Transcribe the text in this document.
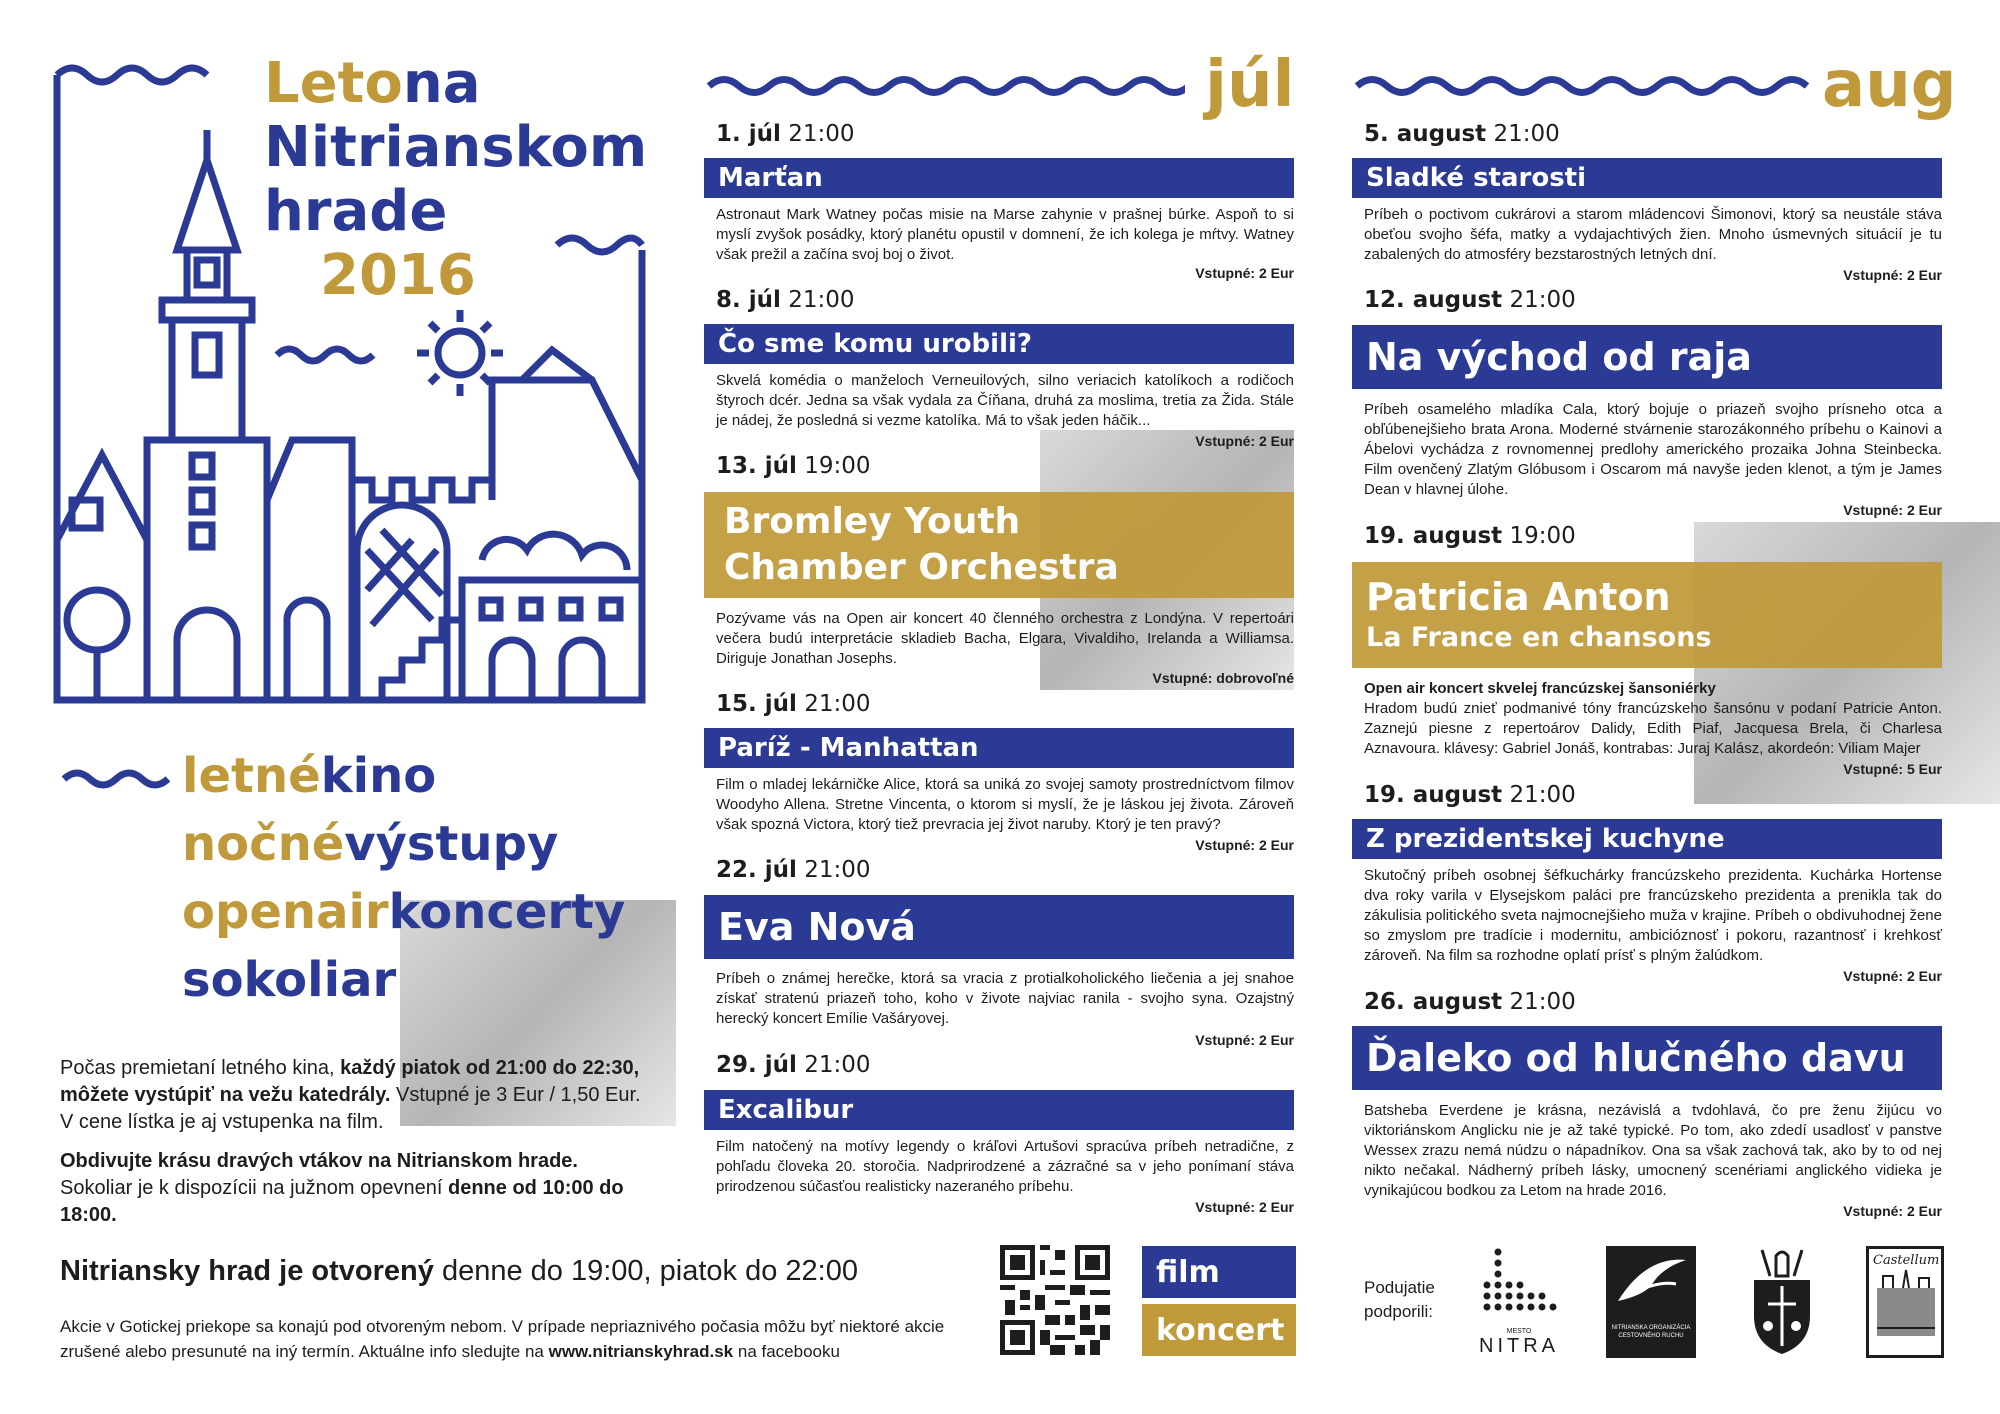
Letona
Nitrianskom
hrade
2016
letnékino
nočnévýstupy
openairkoncerty
sokoliar
Počas premietaní letného kina, každý piatok od 21:00 do 22:30, môžete vystúpiť na vežu katedrály. Vstupné je 3 Eur / 1,50 Eur. V cene lístka je aj vstupenka na film.
Obdivujte krásu dravých vtákov na Nitrianskom hrade. Sokoliar je k dispozícii na južnom opevnení denne od 10:00 do 18:00.
Nitriansky hrad je otvorený denne do 19:00, piatok do 22:00
Akcie v Gotickej priekope sa konajú pod otvoreným nebom. V prípade nepriaznivého počasia môžu byť niektoré akcie zrušené alebo presunuté na iný termín. Aktuálne info sledujte na www.nitrianskyhrad.sk na facebooku
film
koncert
Podujatie podporili:
MESTO
NITRA
NITRIANSKA ORGANIZÁCIA CESTOVNÉHO RUCHU
Castellum
júl
1. júl 21:00
Marťan
Astronaut Mark Watney počas misie na Marse zahynie v prašnej búrke. Aspoň to si myslí zvyšok posádky, ktorý planétu opustil v domnení, že ich kolega je mŕtvy. Watney však prežil a začína svoj boj o život.
Vstupné: 2 Eur
8. júl 21:00
Čo sme komu urobili?
Skvelá komédia o manželoch Verneuilových, silno veriacich katolíkoch a rodičoch štyroch dcér. Jedna sa však vydala za Číňana, druhá za moslima, tretia za Žida. Stále je nádej, že posledná si vezme katolíka. Má to však jeden háčik...
Vstupné: 2 Eur
13. júl 19:00
Bromley Youth
Chamber Orchestra
Pozývame vás na Open air koncert 40 členného orchestra z Londýna. V repertoári večera budú interpretácie skladieb Bacha, Elgara, Vivaldiho, Irelanda a Williamsa. Diriguje Jonathan Josephs.
Vstupné: dobrovoľné
15. júl 21:00
Paríž - Manhattan
Film o mladej lekárničke Alice, ktorá sa uniká zo svojej samoty prostredníctvom filmov Woodyho Allena. Stretne Vincenta, o ktorom si myslí, že je láskou jej života. Zároveň však spozná Victora, ktorý tiež prevracia jej život naruby. Ktorý je ten pravý?
Vstupné: 2 Eur
22. júl 21:00
Eva Nová
Príbeh o známej herečke, ktorá sa vracia z protialkoholického liečenia a jej snahoe získať stratenú priazeň toho, koho v živote najviac ranila - svojho syna. Ozajstný herecký koncert Emílie Vašáryovej.
Vstupné: 2 Eur
29. júl 21:00
Excalibur
Film natočený na motívy legendy o kráľovi Artušovi spracúva príbeh netradične, z pohľadu človeka 20. storočia. Nadprirodzené a zázračné sa v jeho ponímaní stáva prirodzenou súčasťou realisticky nazeraného príbehu.
Vstupné: 2 Eur
aug
5. august 21:00
Sladké starosti
Príbeh o poctivom cukrárovi a starom mládencovi Šimonovi, ktorý sa neustále stáva obeťou svojho šéfa, matky a vydajachtivých žien. Mnoho úsmevných situácií je tu zabalených do atmosféry bezstarostných letných dní.
Vstupné: 2 Eur
12. august 21:00
Na východ od raja
Príbeh osamelého mladíka Cala, ktorý bojuje o priazeň svojho prísneho otca a obľúbenejšieho brata Arona. Moderné stvárnenie starozákonného príbehu o Kainovi a Ábelovi vychádza z rovnomennej predlohy amerického prozaika Johna Steinbecka. Film ovenčený Zlatým Glóbusom i Oscarom má navyše jeden klenot, a tým je James Dean v hlavnej úlohe.
Vstupné: 2 Eur
19. august 19:00
Patricia Anton
La France en chansons
Open air koncert skvelej francúzskej šansoniérky
Hradom budú znieť podmanivé tóny francúzskeho šansónu v podaní Patricie Anton. Zaznejú piesne z repertoárov Dalidy, Edith Piaf, Jacquesa Brela, či Charlesa Aznavoura. klávesy: Gabriel Jonáš, kontrabas: Juraj Kalász, akordeón: Viliam Majer
Vstupné: 5 Eur
19. august 21:00
Z prezidentskej kuchyne
Skutočný príbeh osobnej šéfkuchárky francúzskeho prezidenta. Kuchárka Hortense dva roky varila v Elysejskom paláci pre francúzskeho prezidenta a prenikla tak do zákulisia politického sveta najmocnejšieho muža v krajine. Príbeh o obdivuhodnej žene so zmyslom pre tradície i modernitu, ambicióznosť i pokoru, razantnosť i krehkosť zároveň. Na film sa rozhodne oplatí prísť s plným žalúdkom.
Vstupné: 2 Eur
26. august 21:00
Ďaleko od hlučného davu
Batsheba Everdene je krásna, nezávislá a tvdohlavá, čo pre ženu žijúcu vo viktoriánskom Anglicku nie je až také typické. Po tom, ako zdedí usadlosť v panstve Wessex zrazu nemá núdzu o nápadníkov. Ona sa však zachová tak, ako by to od nej nikto nečakal. Nádherný príbeh lásky, umocnený scenériami anglického vidieka je vynikajúcou bodkou za Letom na hrade 2016.
Vstupné: 2 Eur
